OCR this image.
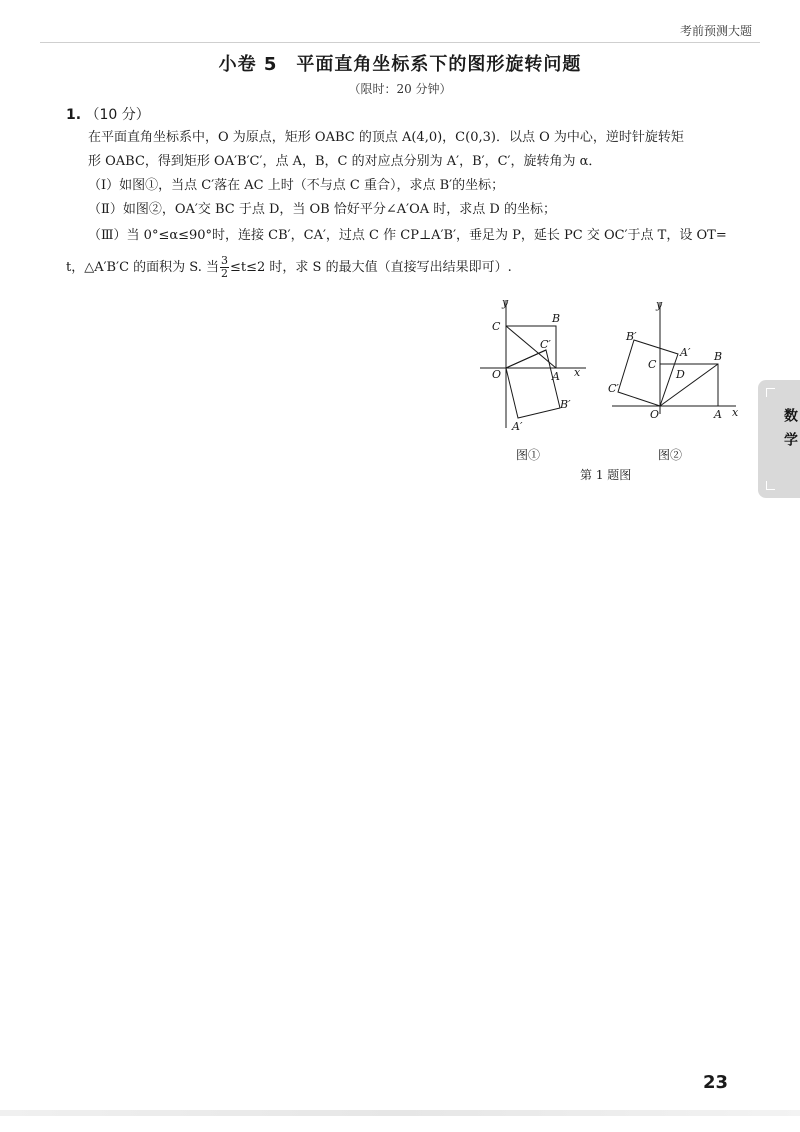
考前预测大题
小卷 5　平面直角坐标系下的图形旋转问题
（限时：20 分钟）
1. （10 分）
在平面直角坐标系中，O 为原点，矩形 OABC 的顶点 A(4,0)，C(0,3)．以点 O 为中心，逆时针旋转矩
形 OABC，得到矩形 OA′B′C′，点 A，B，C 的对应点分别为 A′，B′，C′，旋转角为 α．
（Ⅰ）如图①，当点 C′落在 AC 上时（不与点 C 重合），求点 B′的坐标；
（Ⅱ）如图②，OA′交 BC 于点 D，当 OB 恰好平分∠A′OA 时，求点 D 的坐标；
（Ⅲ）当 0°≤α≤90°时，连接 CB′，CA′，过点 C 作 CP⊥A′B′，垂足为 P，延长 PC 交 OC′于点 T，设 OT=
t，△A′B′C 的面积为 S. 当 $\frac{3}{2} \le t\le 2$ 时，求 S 的最大值（直接写出结果即可）.
y
C
B
C′
O	A x
B′
A′
图①
y
B′
A′
C
B
D
C′
O	A x
图②
第 1 题图
数学
23
